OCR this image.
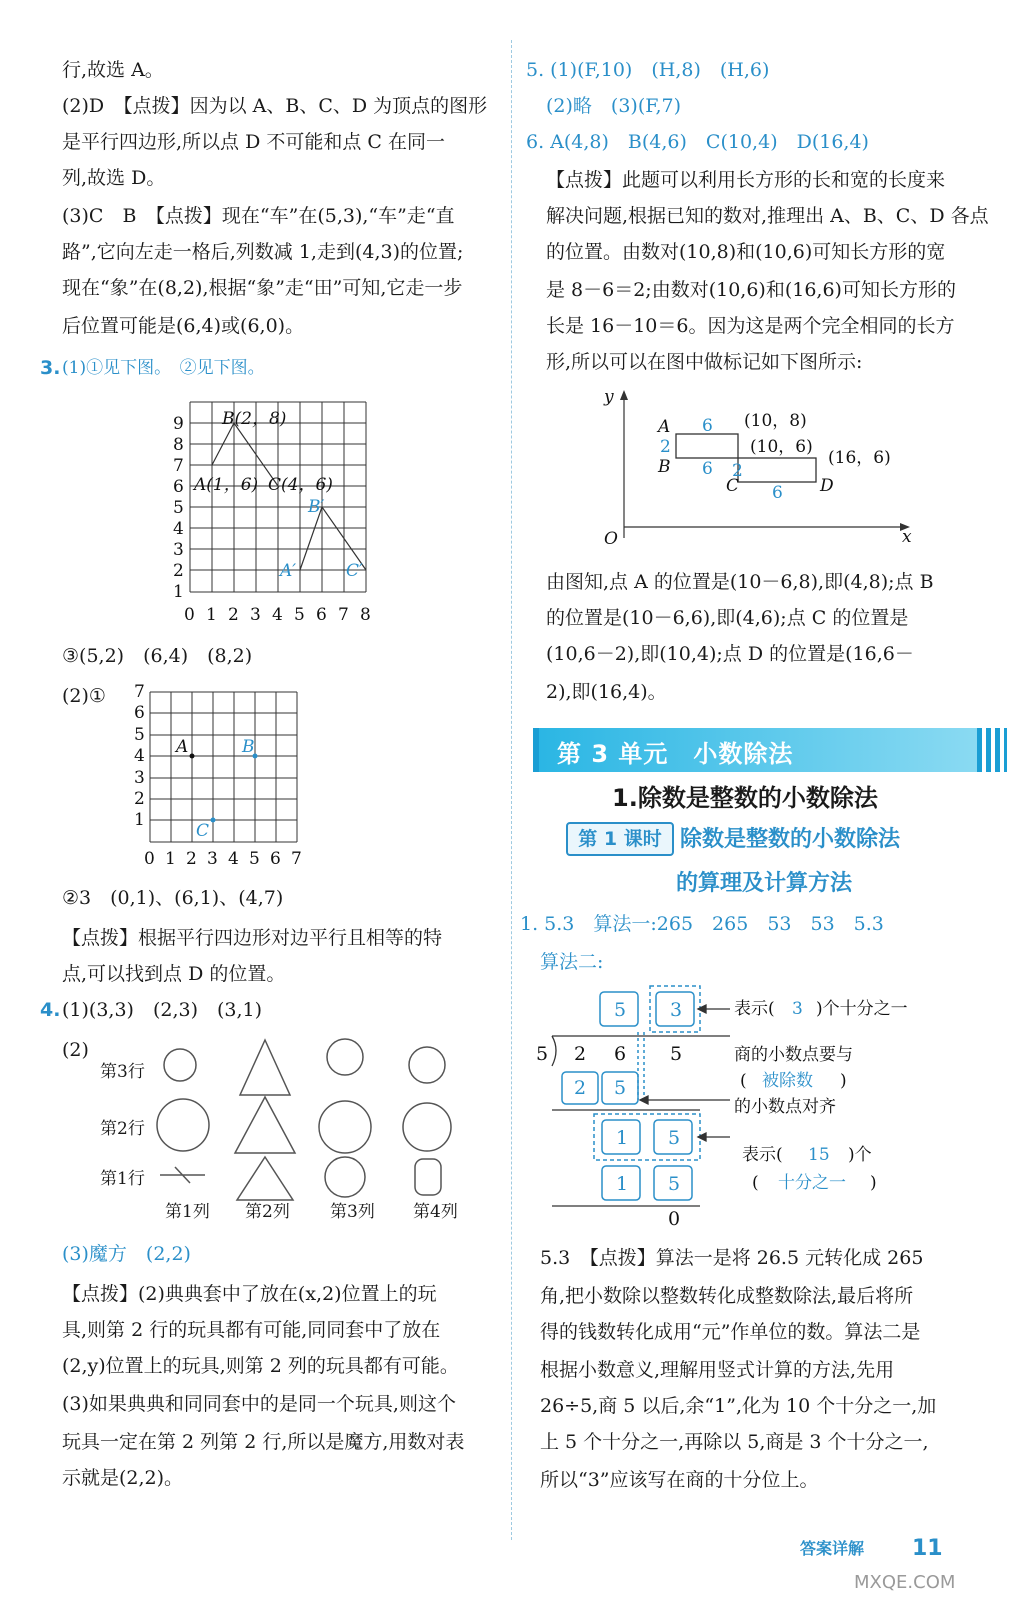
行,故选 A。
(2)D　【点拨】因为以 A、B、C、D 为顶点的图形
是平行四边形,所以点 D 不可能和点 C 在同一
列,故选 D。
(3)C　B　【点拨】现在“车”在(5,3),“车”走“直
路”,它向左走一格后,列数减 1,走到(4,3)的位置;
现在“象”在(8,2),根据“象”走“田”可知,它走一步
后位置可能是(6,4)或(6,0)。
3. (1)①见下图。　②见下图。
1
2
3
4
5
6
7
8
9
0 1 2 3 4 5 6 7 8
B(2，8)
A(1，6) C(4，6)
B′
A′	C′
③(5,2)　(6,4)　(8,2)
(2)①
1
2
3
4
5
6
7
0 1 2 3 4 5 6 7
A	B
C
②3　(0,1)、(6,1)、(4,7)
【点拨】根据平行四边形对边平行且相等的特
点,可以找到点 D 的位置。
4. (1)(3,3)　(2,3)　(3,1)
(2)
第3行
第2行
第1行
第1列 第2列 第3列 第4列
(3)魔方　(2,2)
【点拨】(2)典典套中了放在(x,2)位置上的玩
具,则第 2 行的玩具都有可能,同同套中了放在
(2,y)位置上的玩具,则第 2 列的玩具都有可能。
(3)如果典典和同同套中的是同一个玩具,则这个
玩具一定在第 2 列第 2 行,所以是魔方,用数对表
示就是(2,2)。
5. (1)(F,10)　(H,8)　(H,6)
(2)略　(3)(F,7)
6. A(4,8)　B(4,6)　C(10,4)　D(16,4)
【点拨】此题可以利用长方形的长和宽的长度来
解决问题,根据已知的数对,推理出 A、B、C、D 各点
的位置。由数对(10,8)和(10,6)可知长方形的宽
是 8－6＝2;由数对(10,6)和(16,6)可知长方形的
长是 16－10＝6。因为这是两个完全相同的长方
形,所以可以在图中做标记如下图所示:
y
x
O
A
B
C	D
(10，8)
(10，6)
(16，6)
6
6
6
2
2
由图知,点 A 的位置是(10－6,8),即(4,8);点 B
的位置是(10－6,6),即(4,6);点 C 的位置是
(10,6－2),即(10,4);点 D 的位置是(16,6－
2),即(16,4)。
第 3 单元　小数除法
1.除数是整数的小数除法
第 1 课时 除数是整数的小数除法
的算理及计算方法
1. 5.3　算法一:265　265　53　53　5.3
算法二:
5 3
2 5
1 5
1 5
5 2 6 5
0
表示( 3 )个十分之一
商的小数点要与
( 被除数 )
的小数点对齐
表示( 15 )个
( 十分之一 )
5.3　【点拨】算法一是将 26.5 元转化成 265
角,把小数除以整数转化成整数除法,最后将所
得的钱数转化成用“元”作单位的数。算法二是
根据小数意义,理解用竖式计算的方法,先用
26÷5,商 5 以后,余“1”,化为 10 个十分之一,加
上 5 个十分之一,再除以 5,商是 3 个十分之一,
所以“3”应该写在商的十分位上。
答案详解 11
MXQE.COM
